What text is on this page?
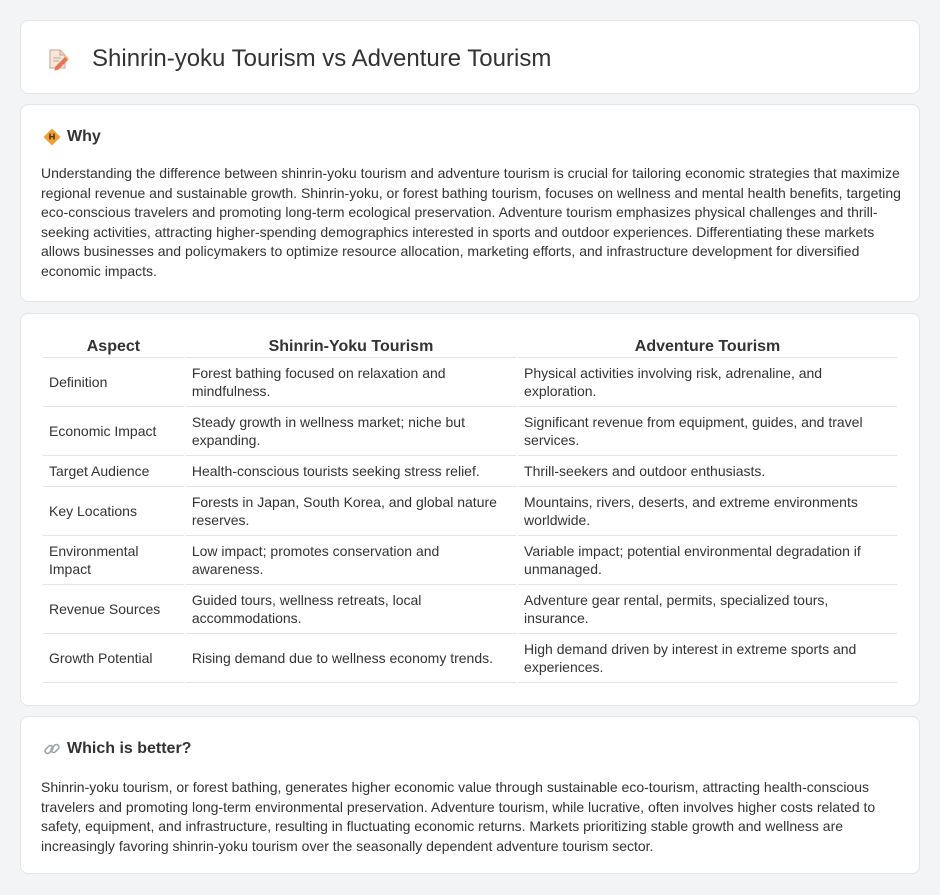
Shinrin-yoku Tourism vs Adventure Tourism
Why

Understanding the difference between shinrin-yoku tourism and adventure tourism is crucial for tailoring economic strategies that maximize regional revenue and sustainable growth. Shinrin-yoku, or forest bathing tourism, focuses on wellness and mental health benefits, targeting eco-conscious travelers and promoting long-term ecological preservation. Adventure tourism emphasizes physical challenges and thrill-seeking activities, attracting higher-spending demographics interested in sports and outdoor experiences. Differentiating these markets allows businesses and policymakers to optimize resource allocation, marketing efforts, and infrastructure development for diversified economic impacts.

Aspect	Shinrin-Yoku Tourism	Adventure Tourism
Definition	Forest bathing focused on relaxation and mindfulness.	Physical activities involving risk, adrenaline, and exploration.
Economic Impact	Steady growth in wellness market; niche but expanding.	Significant revenue from equipment, guides, and travel services.
Target Audience	Health-conscious tourists seeking stress relief.	Thrill-seekers and outdoor enthusiasts.
Key Locations	Forests in Japan, South Korea, and global nature reserves.	Mountains, rivers, deserts, and extreme environments worldwide.
Environmental Impact	Low impact; promotes conservation and awareness.	Variable impact; potential environmental degradation if unmanaged.
Revenue Sources	Guided tours, wellness retreats, local accommodations.	Adventure gear rental, permits, specialized tours, insurance.
Growth Potential	Rising demand due to wellness economy trends.	High demand driven by interest in extreme sports and experiences.
Which is better?

Shinrin-yoku tourism, or forest bathing, generates higher economic value through sustainable eco-tourism, attracting health-conscious travelers and promoting long-term environmental preservation. Adventure tourism, while lucrative, often involves higher costs related to safety, equipment, and infrastructure, resulting in fluctuating economic returns. Markets prioritizing stable growth and wellness are increasingly favoring shinrin-yoku tourism over the seasonally dependent adventure tourism sector.
